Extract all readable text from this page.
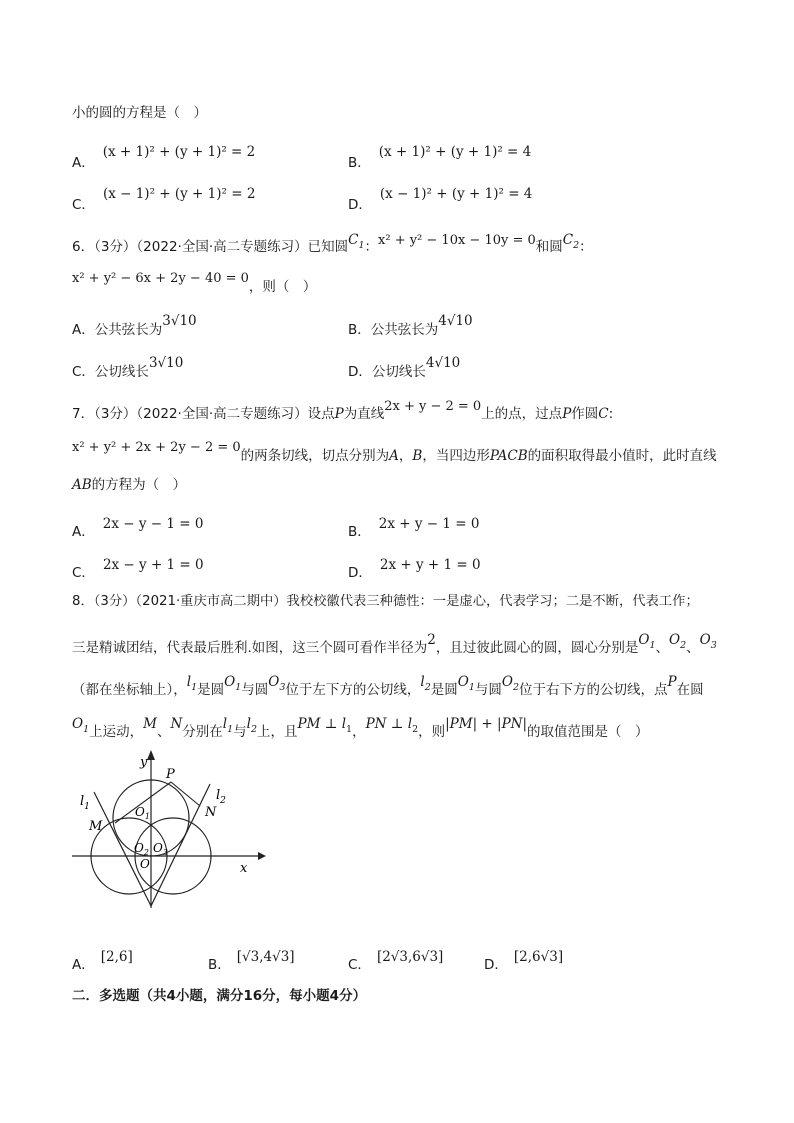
小的圆的方程是（　）
A．(x + 1)² + (y + 1)² = 2
B．(x + 1)² + (y + 1)² = 4
C．(x − 1)² + (y + 1)² = 2
D．(x − 1)² + (y + 1)² = 4
6．（3分）（2022·全国·高二专题练习）已知圆$C_1$：x² + y² − 10x − 10y = 0和圆$C_2$：
x² + y² − 6x + 2y − 40 = 0，则（　）
A．公共弦长为3√10
B．公共弦长为4√10
C．公切线长3√10
D．公切线长4√10
7．（3分）（2022·全国·高二专题练习）设点P为直线2x + y − 2 = 0上的点，过点P作圆C:
x² + y² + 2x + 2y − 2 = 0的两条切线，切点分别为A，B，当四边形PACB的面积取得最小值时，此时直线
AB的方程为（　）
A． 2x − y − 1 = 0	B． 2x + y − 1 = 0
C． 2x − y + 1 = 0	D． 2x + y + 1 = 0
8．（3分）（2021·重庆市高二期中）我校校徽代表三种德性：一是虚心，代表学习；二是不断，代表工作；
三是精诚团结，代表最后胜利.如图，这三个圆可看作半径为2，且过彼此圆心的圆，圆心分别是$O_1$、$O_2$、$O_3$
（都在坐标轴上），$l_1$是圆$O_1$与圆$O_3$位于左下方的公切线，$l_2$是圆$O_1$与圆$O_2$位于右下方的公切线，点P在圆
$O_1$上运动，M、N分别在$l_1$与$l_2$上，且PM ⊥ $l_1$，PN ⊥ $l_2$，则|PM| + |PN|的取值范围是（　）
y
x
P
$l_1$
$l_2$
M
N
$O_1$
$O_2$ $O_3$
O
A． [2,6]	B． [√3,4√3]	C． [2√3,6√3]	D． [2,6√3]
二．多选题（共4小题，满分16分，每小题4分）
